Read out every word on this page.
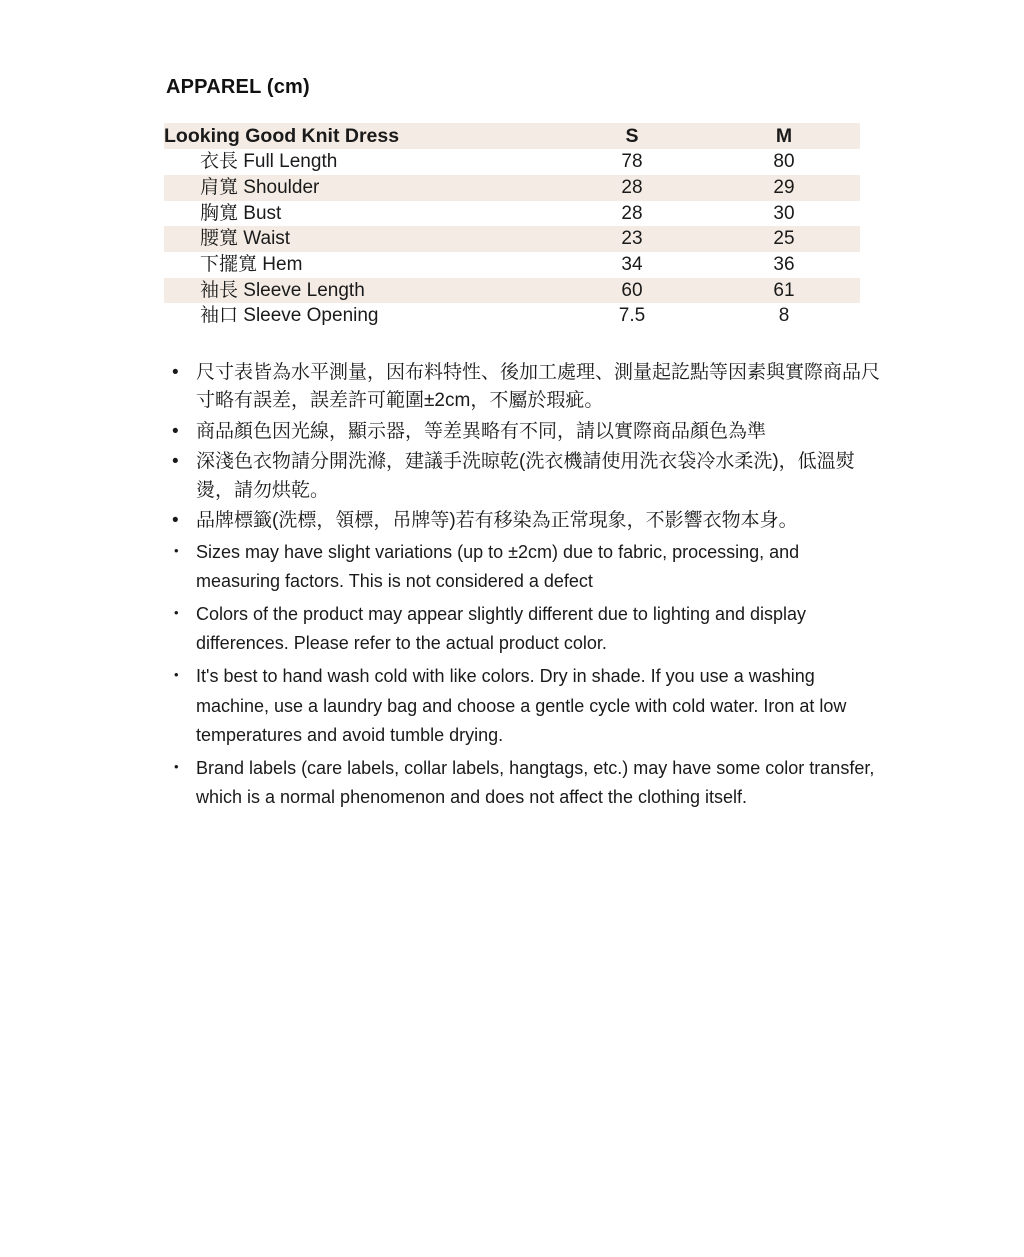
APPAREL (cm)
Looking Good Knit Dress	S	M
衣長 Full Length	78	80
肩寬 Shoulder	28	29
胸寬 Bust	28	30
腰寬 Waist	23	25
下擺寬 Hem	34	36
袖長 Sleeve Length	60	61
袖口 Sleeve Opening	7.5	8
• 尺寸表皆為水平測量，因布料特性、後加工處理、測量起訖點等因素與實際商品尺寸略有誤差，誤差許可範圍±2cm，不屬於瑕疵。
• 商品顏色因光線，顯示器，等差異略有不同，請以實際商品顏色為準
• 深淺色衣物請分開洗滌，建議手洗晾乾(洗衣機請使用洗衣袋冷水柔洗)，低溫熨燙，請勿烘乾。
• 品牌標籤(洗標，領標，吊牌等)若有移染為正常現象，不影響衣物本身。
• Sizes may have slight variations (up to ±2cm) due to fabric, processing, and measuring factors. This is not considered a defect
• Colors of the product may appear slightly different due to lighting and display differences. Please refer to the actual product color.
• It's best to hand wash cold with like colors. Dry in shade. If you use a washing machine, use a laundry bag and choose a gentle cycle with cold water. Iron at low temperatures and avoid tumble drying.
• Brand labels (care labels, collar labels, hangtags, etc.) may have some color transfer, which is a normal phenomenon and does not affect the clothing itself.
